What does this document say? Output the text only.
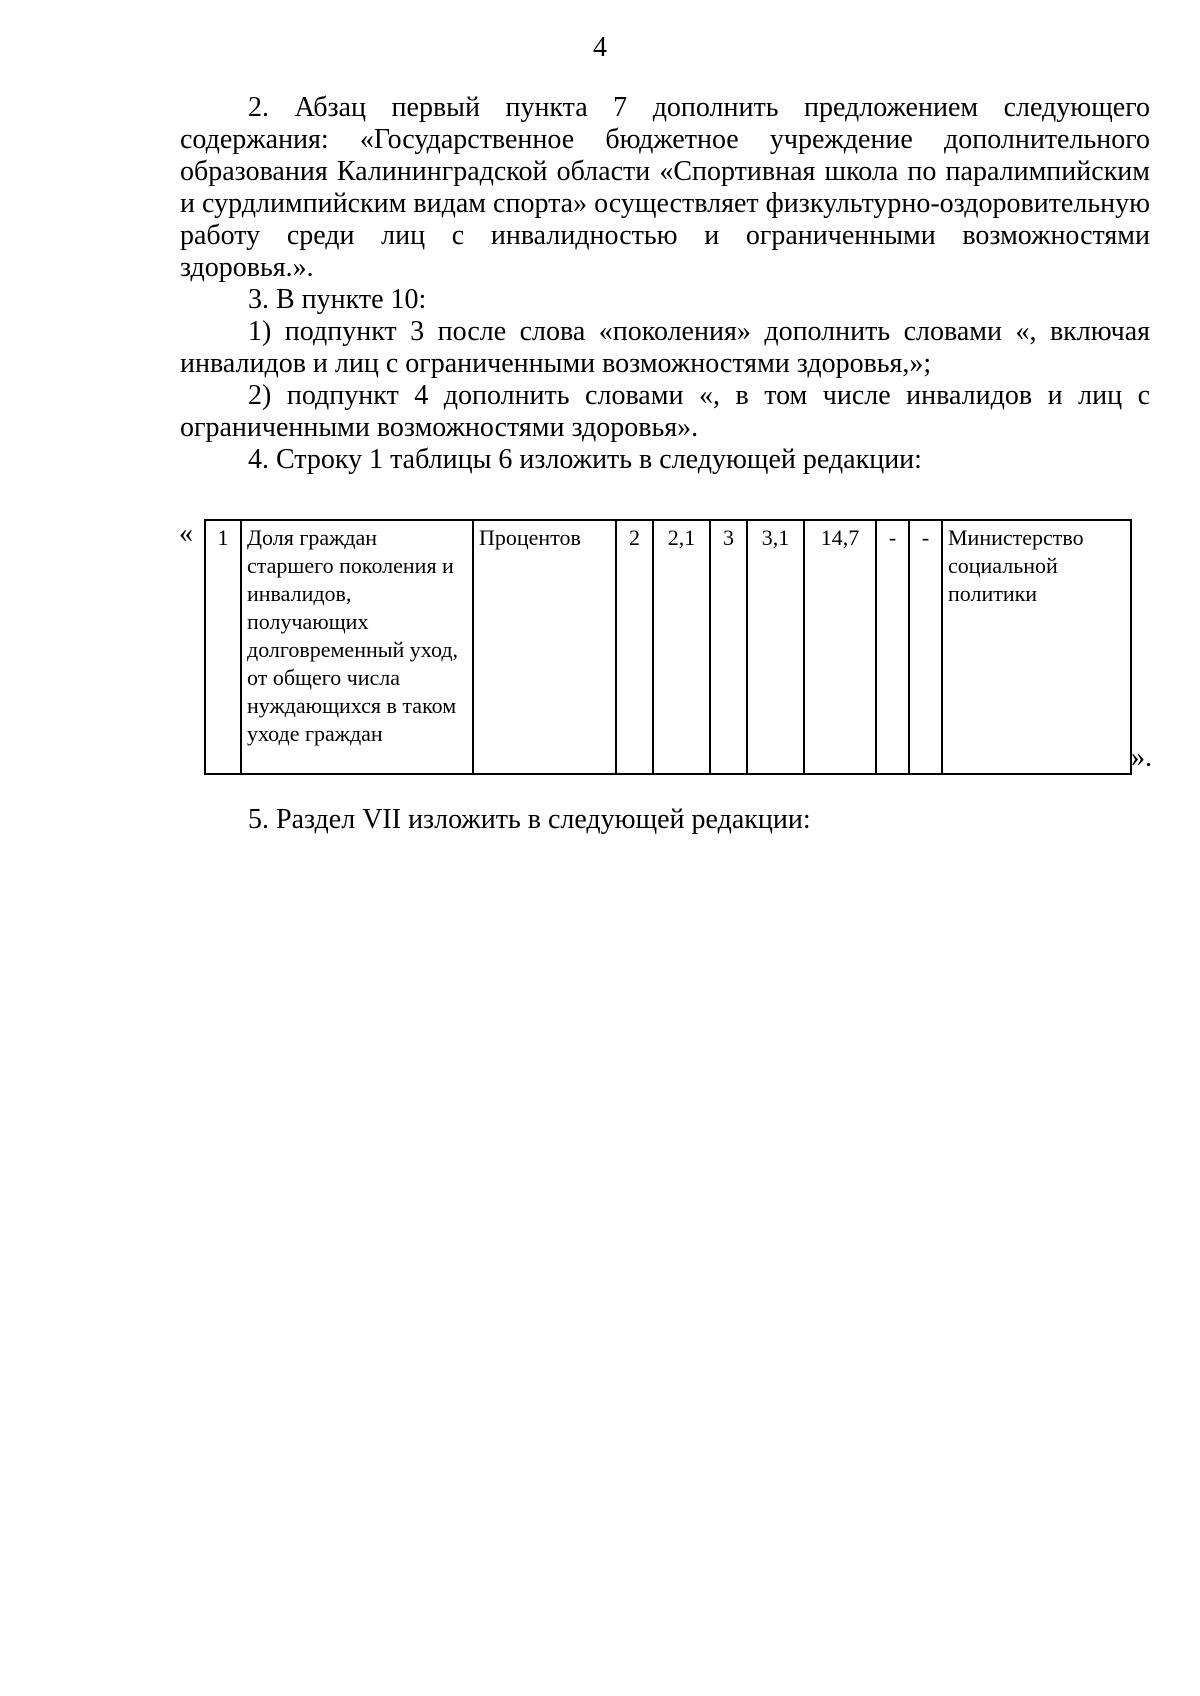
4

2. Абзац первый пункта 7 дополнить предложением следующего содержания: «Государственное бюджетное учреждение дополнительного образования Калининградской области «Спортивная школа по паралимпийским и сурдлимпийским видам спорта» осуществляет физкультурно-оздоровительную работу среди лиц с инвалидностью и ограниченными возможностями здоровья.».

3. В пункте 10:

1) подпункт 3 после слова «поколения» дополнить словами «, включая инвалидов и лиц с ограниченными возможностями здоровья,»;

2) подпункт 4 дополнить словами «, в том числе инвалидов и лиц с ограниченными возможностями здоровья».

4. Строку 1 таблицы 6 изложить в следующей редакции:

« 1	Доля граждан старшего поколения и инвалидов, получающих долговременный уход, от общего числа нуждающихся в таком уходе граждан	Процентов	2	2,1	3	3,1	14,7	-	-	Министерство социальной политики
».
5. Раздел VII изложить в следующей редакции:
